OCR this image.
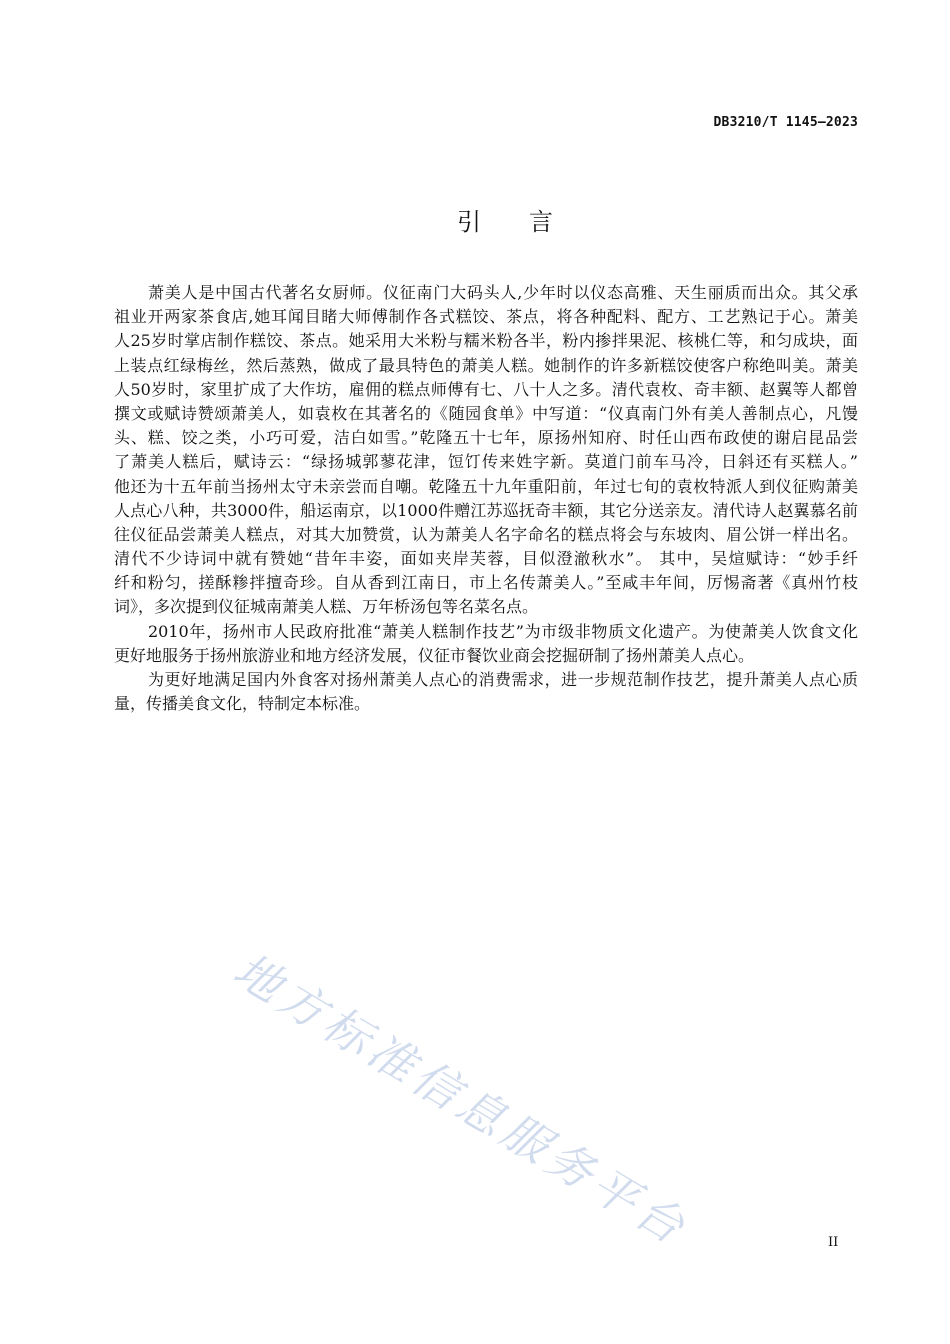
DB3210/T 1145—2023
引　　言
萧美人是中国古代著名女厨师。仪征南门大码头人,少年时以仪态高雅、天生丽质而出众。其父承
祖业开两家茶食店,她耳闻目睹大师傅制作各式糕饺、茶点，将各种配料、配方、工艺熟记于心。萧美
人25岁时掌店制作糕饺、茶点。她采用大米粉与糯米粉各半，粉内掺拌果泥、核桃仁等，和匀成块，面
上装点红绿梅丝，然后蒸熟，做成了最具特色的萧美人糕。她制作的许多新糕饺使客户称绝叫美。萧美
人50岁时，家里扩成了大作坊，雇佣的糕点师傅有七、八十人之多。清代袁枚、奇丰额、赵翼等人都曾
撰文或赋诗赞颂萧美人，如袁枚在其著名的《随园食单》中写道：“仪真南门外有美人善制点心，凡馒
头、糕、饺之类，小巧可爱，洁白如雪。”乾隆五十七年，原扬州知府、时任山西布政使的谢启昆品尝
了萧美人糕后，赋诗云：“绿扬城郭蓼花津，饾饤传来姓字新。莫道门前车马冷，日斜还有买糕人。”
他还为十五年前当扬州太守未亲尝而自嘲。乾隆五十九年重阳前，年过七旬的袁枚特派人到仪征购萧美
人点心八种，共3000件，船运南京，以1000件赠江苏巡抚奇丰额，其它分送亲友。清代诗人赵翼慕名前
往仪征品尝萧美人糕点，对其大加赞赏，认为萧美人名字命名的糕点将会与东坡肉、眉公饼一样出名。
清代不少诗词中就有赞她“昔年丰姿，面如夹岸芙蓉，目似澄澈秋水”。 其中，吴煊赋诗：“妙手纤
纤和粉匀，搓酥糁拌擅奇珍。自从香到江南日，市上名传萧美人。”至咸丰年间，厉惕斋著《真州竹枝
词》，多次提到仪征城南萧美人糕、万年桥汤包等名菜名点。
2010年，扬州市人民政府批准“萧美人糕制作技艺”为市级非物质文化遗产。为使萧美人饮食文化
更好地服务于扬州旅游业和地方经济发展，仪征市餐饮业商会挖掘研制了扬州萧美人点心。
为更好地满足国内外食客对扬州萧美人点心的消费需求，进一步规范制作技艺，提升萧美人点心质
量，传播美食文化，特制定本标准。
地方标准信息服务平台	II
